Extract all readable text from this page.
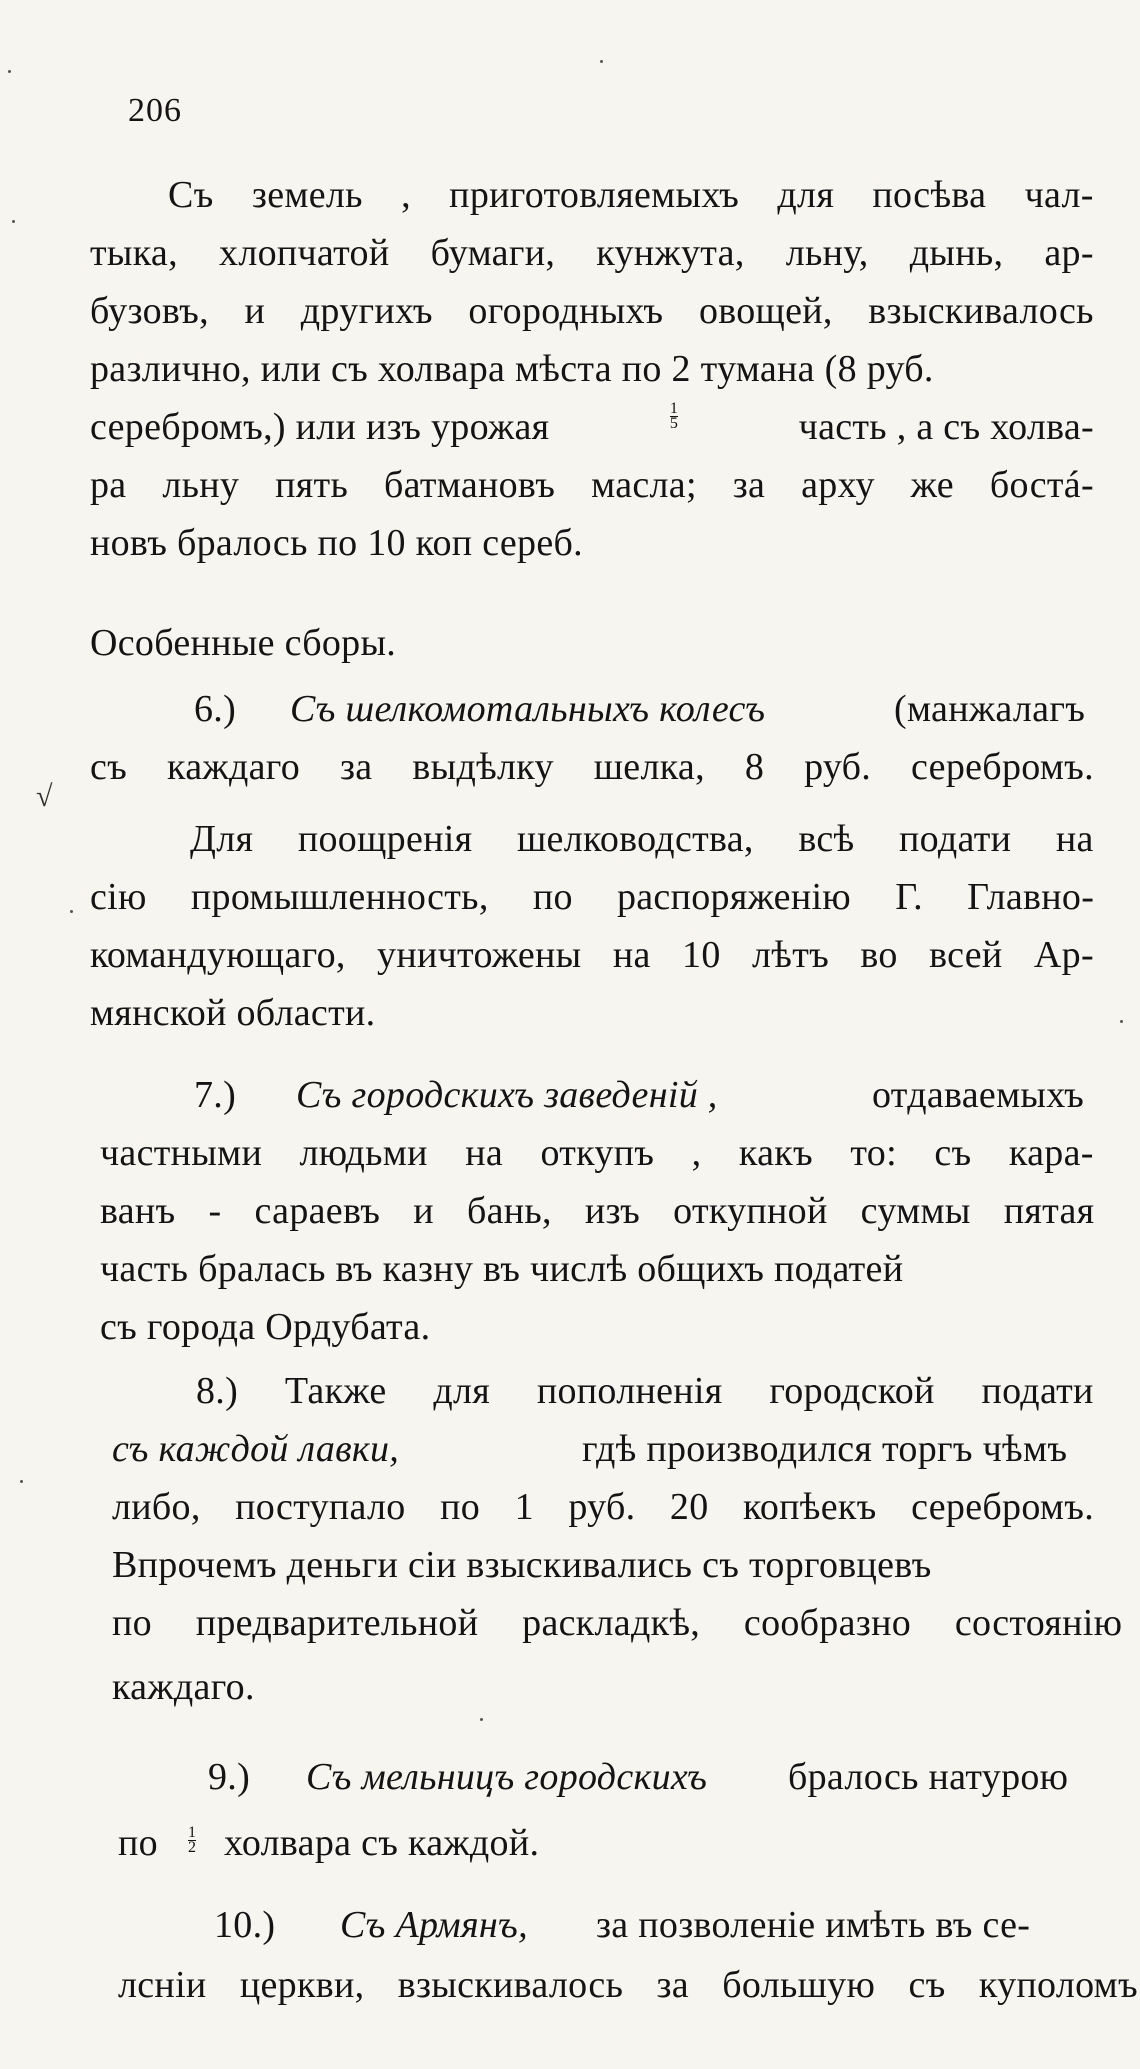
206
Съ земель , приготовляемыхъ для посѣва чал-
тыка, хлопчатой бумаги, кунжута, льну, дынь, ар-
бузовъ, и другихъ огородныхъ овощей, взыскивалось
различно, или съ холвара мѣста по 2 тумана (8 руб.
серебромъ,) или изъ урожая	$\frac{1}{5}$	часть , а съ холва-
ра льну пять батмановъ масла; за арху же бостá-
новъ бралось по 10 коп сереб.
Особенные сборы.
6.) Съ шелкомотальныхъ колесъ	(манжалагъ
съ каждаго за выдѣлку шелка, 8 руб. серебромъ.
√
Для поощренія шелководства, всѣ подати на
сію промышленность, по распоряженію Г. Главно-
командующаго, уничтожены на 10 лѣтъ во всей Ар-
мянской области.
7.) Съ городскихъ заведеній ,	отдаваемыхъ
частными людьми на откупъ , какъ то: съ кара-
ванъ - сараевъ и бань, изъ откупной суммы пятая
часть бралась въ казну въ числѣ общихъ податей
съ города Ордубата.
8.) Также для пополненія городской подати
съ каждой лавки,	гдѣ производился торгъ чѣмъ
либо, поступало по 1 руб. 20 копѣекъ серебромъ.
Впрочемъ деньги сіи взыскивались съ торговцевъ
по предварительной раскладкѣ, сообразно состоянію
каждаго.
9.) Съ мельницъ городскихъ бралось натурою
по $\frac{1}{2}$ холвара съ каждой.
10.) Съ Армянъ, за позволеніе имѣть въ се-
лсніи церкви, взыскивалось за большую съ куполомъ
